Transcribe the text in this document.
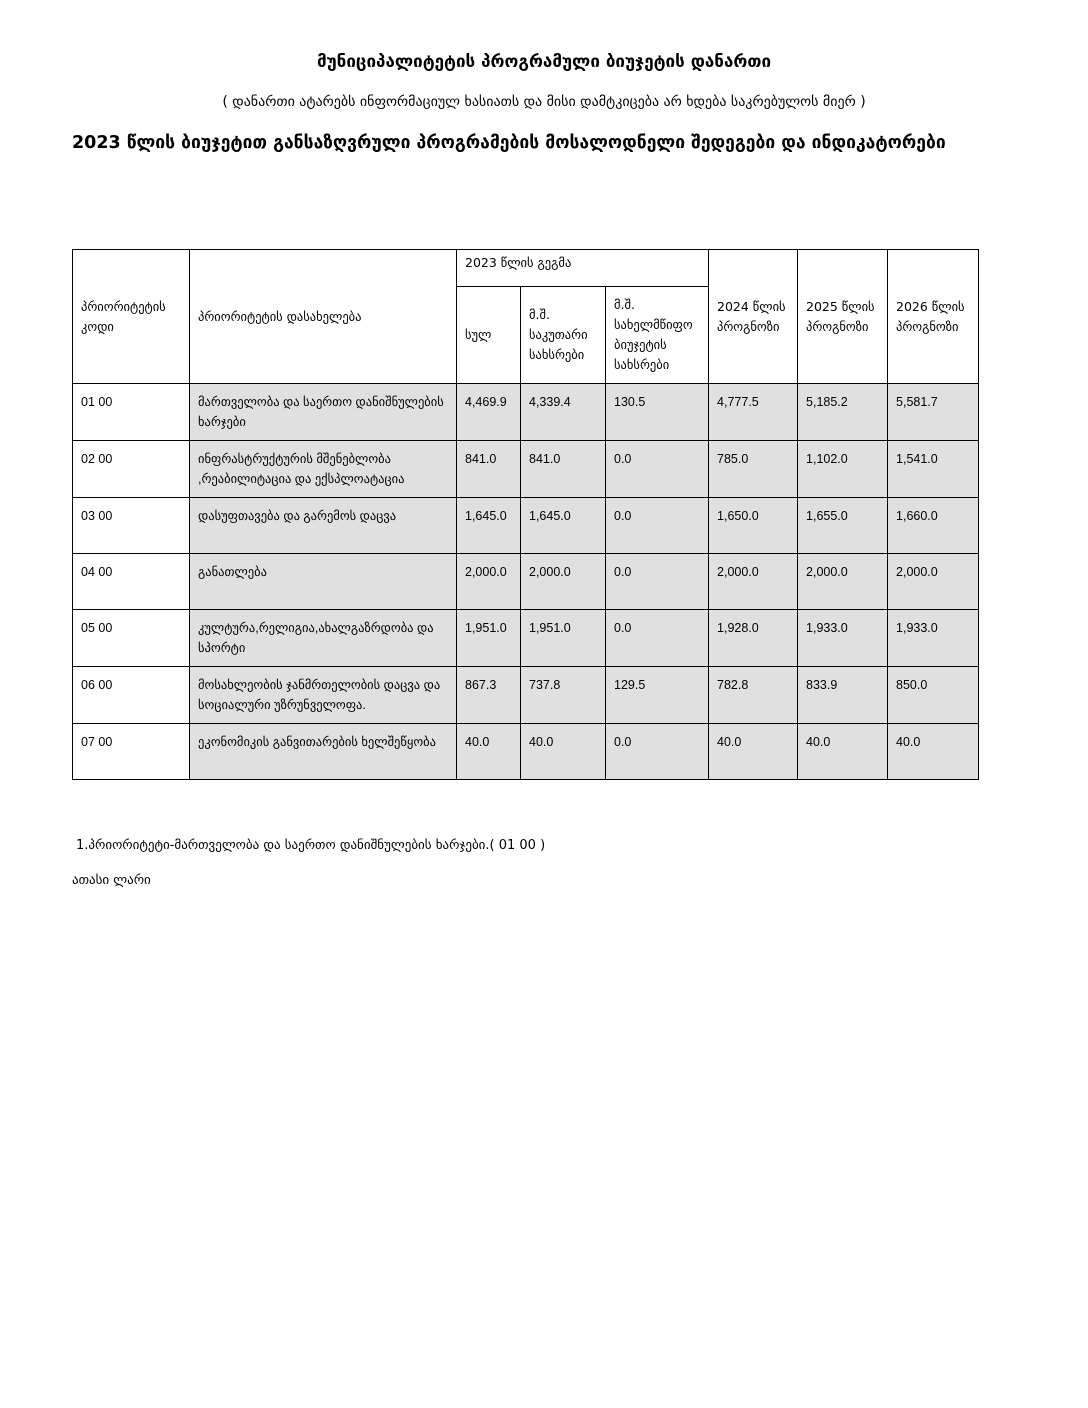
მუნიციპალიტეტის პროგრამული ბიუჯეტის დანართი
( დანართი ატარებს ინფორმაციულ ხასიათს და მისი დამტკიცება არ ხდება საკრებულოს მიერ )
2023 წლის ბიუჯეტით განსაზღვრული პროგრამების მოსალოდნელი შედეგები და ინდიკატორები
პრიორიტეტის კოდი	პრიორიტეტის დასახელება	2023 წლის გეგმა			2024 წლის პროგნოზი	2025 წლის პროგნოზი	2026 წლის პროგნოზი
		სულ	მ.შ. საკუთარი სახსრები	მ.შ. სახელმწიფო ბიუჯეტის სახსრები			
01 00	მართველობა და საერთო დანიშნულების ხარჯები	4,469.9	4,339.4	130.5	4,777.5	5,185.2	5,581.7
02 00	ინფრასტრუქტურის მშენებლობა ,რეაბილიტაცია და ექსპლოატაცია	841.0	841.0	0.0	785.0	1,102.0	1,541.0
03 00	დასუფთავება და გარემოს დაცვა	1,645.0	1,645.0	0.0	1,650.0	1,655.0	1,660.0
04 00	განათლება	2,000.0	2,000.0	0.0	2,000.0	2,000.0	2,000.0
05 00	კულტურა,რელიგია,ახალგაზრდობა და სპორტი	1,951.0	1,951.0	0.0	1,928.0	1,933.0	1,933.0
06 00	მოსახლეობის ჯანმრთელობის დაცვა და სოციალური უზრუნველოფა.	867.3	737.8	129.5	782.8	833.9	850.0
07 00	ეკონომიკის განვითარების ხელშეწყობა	40.0	40.0	0.0	40.0	40.0	40.0
1.პრიორიტეტი-მართველობა და საერთო დანიშნულების ხარჯები.( 01 00 )
ათასი ლარი
